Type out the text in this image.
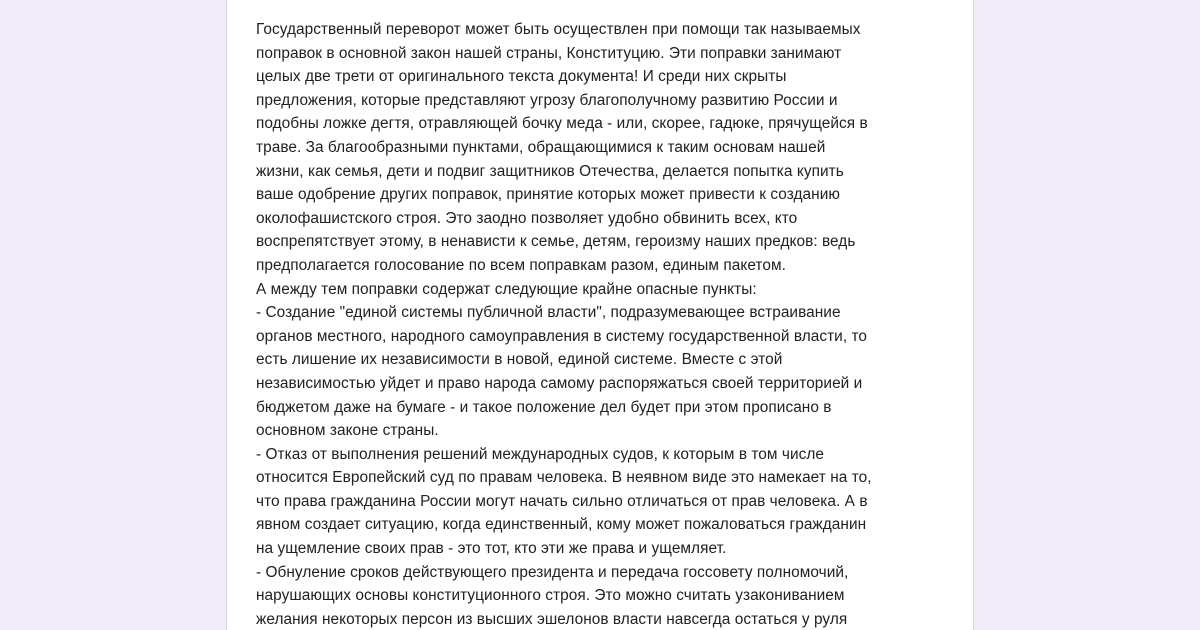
Государственный переворот может быть осуществлен при помощи так называемых
поправок в основной закон нашей страны, Конституцию. Эти поправки занимают
целых две трети от оригинального текста документа! И среди них скрыты
предложения, которые представляют угрозу благополучному развитию России и
подобны ложке дегтя, отравляющей бочку меда - или, скорее, гадюке, прячущейся в
траве. За благообразными пунктами, обращающимися к таким основам нашей
жизни, как семья, дети и подвиг защитников Отечества, делается попытка купить
ваше одобрение других поправок, принятие которых может привести к созданию
околофашистского строя. Это заодно позволяет удобно обвинить всех, кто
воспрепятствует этому, в ненависти к семье, детям, героизму наших предков: ведь
предполагается голосование по всем поправкам разом, единым пакетом.
А между тем поправки содержат следующие крайне опасные пункты:
- Создание "единой системы публичной власти", подразумевающее встраивание
органов местного, народного самоуправления в систему государственной власти, то
есть лишение их независимости в новой, единой системе. Вместе с этой
независимостью уйдет и право народа самому распоряжаться своей территорией и
бюджетом даже на бумаге - и такое положение дел будет при этом прописано в
основном законе страны.
- Отказ от выполнения решений международных судов, к которым в том числе
относится Европейский суд по правам человека. В неявном виде это намекает на то,
что права гражданина России могут начать сильно отличаться от прав человека. А в
явном создает ситуацию, когда единственный, кому может пожаловаться гражданин
на ущемление своих прав - это тот, кто эти же права и ущемляет.
- Обнуление сроков действующего президента и передача госсовету полномочий,
нарушающих основы конституционного строя. Это можно считать узакониванием
желания некоторых персон из высших эшелонов власти навсегда остаться у руля
